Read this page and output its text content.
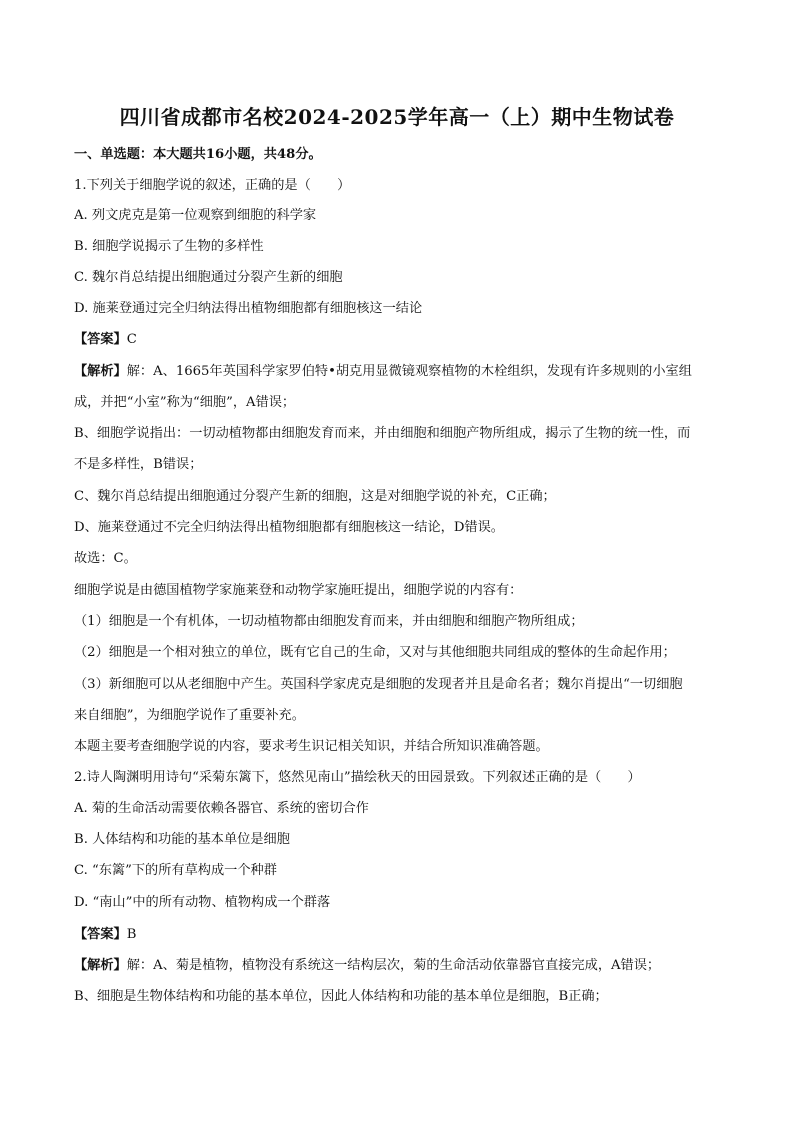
四川省成都市名校2024-2025学年高一（上）期中生物试卷
一、单选题：本大题共16小题，共48分。
1.下列关于细胞学说的叙述，正确的是（　　）
A. 列文虎克是第一位观察到细胞的科学家
B. 细胞学说揭示了生物的多样性
C. 魏尔肖总结提出细胞通过分裂产生新的细胞
D. 施莱登通过完全归纳法得出植物细胞都有细胞核这一结论
【答案】C
【解析】解：A、1665年英国科学家罗伯特•胡克用显微镜观察植物的木栓组织，发现有许多规则的小室组
成，并把“小室”称为“细胞”，A错误；
B、细胞学说指出：一切动植物都由细胞发育而来，并由细胞和细胞产物所组成，揭示了生物的统一性，而
不是多样性，B错误；
C、魏尔肖总结提出细胞通过分裂产生新的细胞，这是对细胞学说的补充，C正确；
D、施莱登通过不完全归纳法得出植物细胞都有细胞核这一结论，D错误。
故选：C。
细胞学说是由德国植物学家施莱登和动物学家施旺提出，细胞学说的内容有：
（1）细胞是一个有机体，一切动植物都由细胞发育而来，并由细胞和细胞产物所组成；
（2）细胞是一个相对独立的单位，既有它自己的生命，又对与其他细胞共同组成的整体的生命起作用；
（3）新细胞可以从老细胞中产生。英国科学家虎克是细胞的发现者并且是命名者；魏尔肖提出“一切细胞
来自细胞”，为细胞学说作了重要补充。
本题主要考查细胞学说的内容，要求考生识记相关知识，并结合所知识准确答题。
2.诗人陶渊明用诗句“采菊东篱下，悠然见南山”描绘秋天的田园景致。下列叙述正确的是（　　）
A. 菊的生命活动需要依赖各器官、系统的密切合作
B. 人体结构和功能的基本单位是细胞
C. “东篱”下的所有草构成一个种群
D. “南山”中的所有动物、植物构成一个群落
【答案】B
【解析】解：A、菊是植物，植物没有系统这一结构层次，菊的生命活动依靠器官直接完成，A错误；
B、细胞是生物体结构和功能的基本单位，因此人体结构和功能的基本单位是细胞，B正确；
